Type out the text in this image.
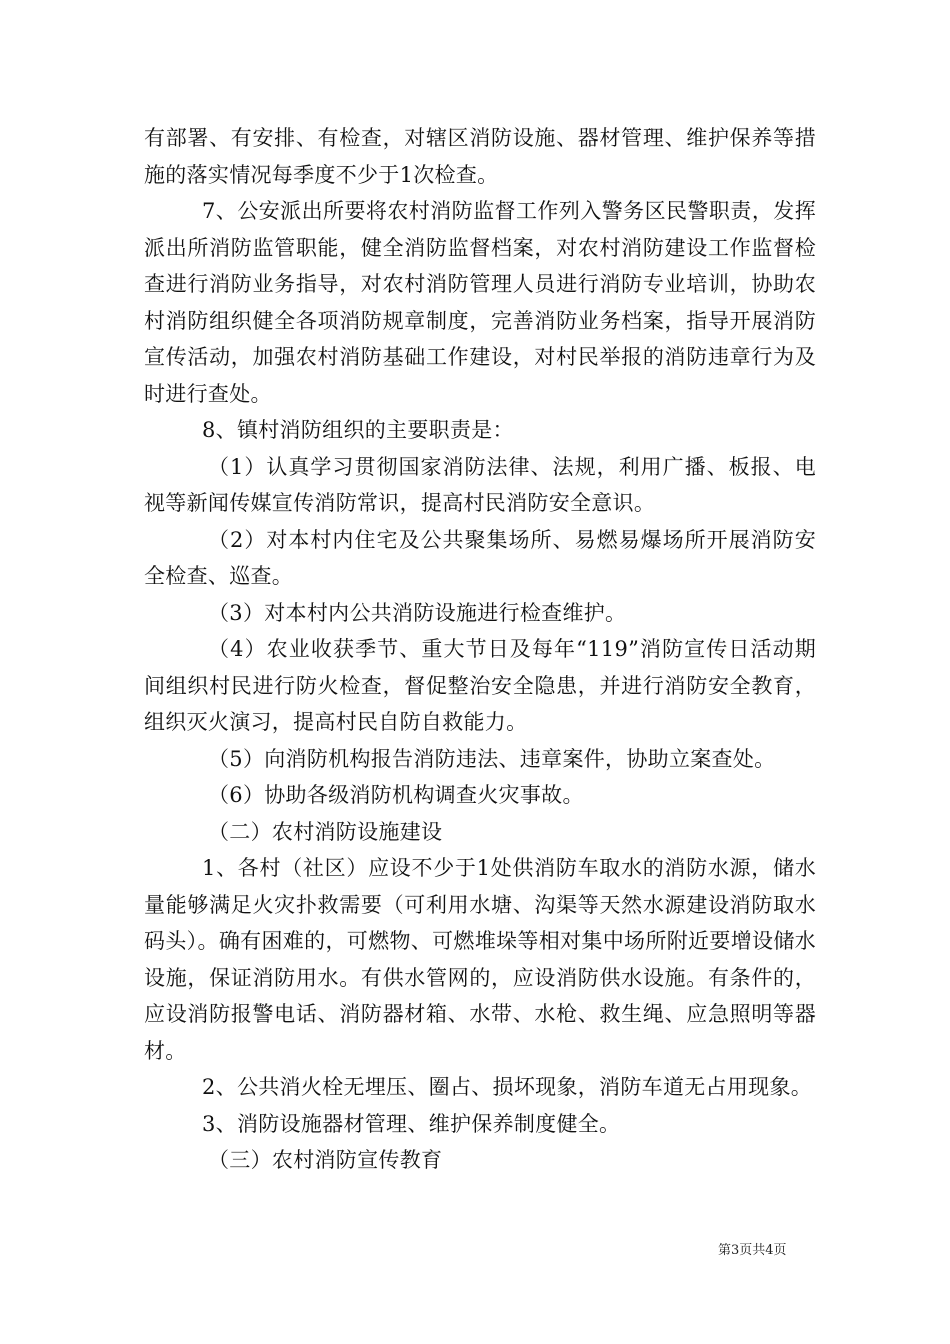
有部署、有安排、有检查，对辖区消防设施、器材管理、维护保养等措施的落实情况每季度不少于1次检查。

7、公安派出所要将农村消防监督工作列入警务区民警职责，发挥派出所消防监管职能，健全消防监督档案，对农村消防建设工作监督检查进行消防业务指导，对农村消防管理人员进行消防专业培训，协助农村消防组织健全各项消防规章制度，完善消防业务档案，指导开展消防宣传活动，加强农村消防基础工作建设，对村民举报的消防违章行为及时进行查处。

8、镇村消防组织的主要职责是：

（1）认真学习贯彻国家消防法律、法规，利用广播、板报、电视等新闻传媒宣传消防常识，提高村民消防安全意识。

（2）对本村内住宅及公共聚集场所、易燃易爆场所开展消防安全检查、巡查。

（3）对本村内公共消防设施进行检查维护。

（4）农业收获季节、重大节日及每年“119”消防宣传日活动期间组织村民进行防火检查，督促整治安全隐患，并进行消防安全教育，组织灭火演习，提高村民自防自救能力。

（5）向消防机构报告消防违法、违章案件，协助立案查处。

（6）协助各级消防机构调查火灾事故。

（二）农村消防设施建设

1、各村（社区）应设不少于1处供消防车取水的消防水源，储水量能够满足火灾扑救需要（可利用水塘、沟渠等天然水源建设消防取水码头）。确有困难的，可燃物、可燃堆垛等相对集中场所附近要增设储水设施，保证消防用水。有供水管网的，应设消防供水设施。有条件的，应设消防报警电话、消防器材箱、水带、水枪、救生绳、应急照明等器材。

2、公共消火栓无埋压、圈占、损坏现象，消防车道无占用现象。

3、消防设施器材管理、维护保养制度健全。

（三）农村消防宣传教育

第3页共4页
